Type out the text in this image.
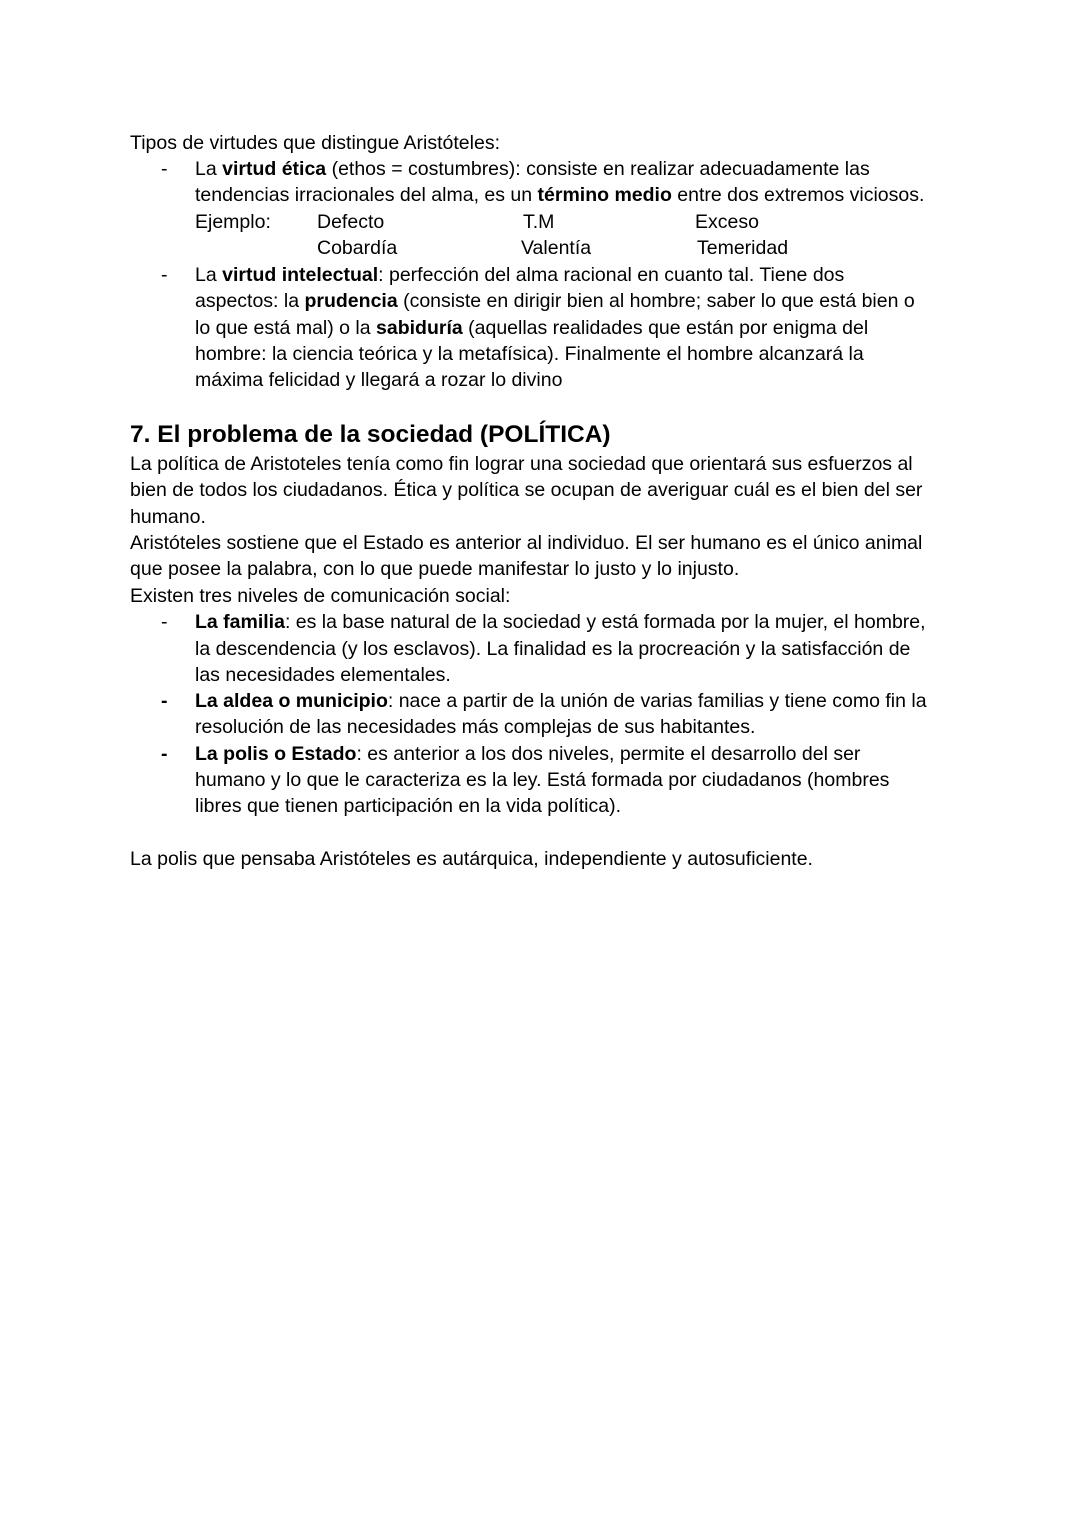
Tipos de virtudes que distingue Aristóteles:
- La virtud ética (ethos = costumbres): consiste en realizar adecuadamente las
tendencias irracionales del alma, es un término medio entre dos extremos viciosos.
Ejemplo: Defecto	T.M	Exceso
Cobardía	Valentía	Temeridad
- La virtud intelectual: perfección del alma racional en cuanto tal. Tiene dos
aspectos: la prudencia (consiste en dirigir bien al hombre; saber lo que está bien o
lo que está mal) o la sabiduría (aquellas realidades que están por enigma del
hombre: la ciencia teórica y la metafísica). Finalmente el hombre alcanzará la
máxima felicidad y llegará a rozar lo divino
7. El problema de la sociedad (POLÍTICA)
La política de Aristoteles tenía como fin lograr una sociedad que orientará sus esfuerzos al
bien de todos los ciudadanos. Ética y política se ocupan de averiguar cuál es el bien del ser
humano.
Aristóteles sostiene que el Estado es anterior al individuo. El ser humano es el único animal
que posee la palabra, con lo que puede manifestar lo justo y lo injusto.
Existen tres niveles de comunicación social:
- La familia: es la base natural de la sociedad y está formada por la mujer, el hombre,
la descendencia (y los esclavos). La finalidad es la procreación y la satisfacción de
las necesidades elementales.
- La aldea o municipio: nace a partir de la unión de varias familias y tiene como fin la
resolución de las necesidades más complejas de sus habitantes.
- La polis o Estado: es anterior a los dos niveles, permite el desarrollo del ser
humano y lo que le caracteriza es la ley. Está formada por ciudadanos (hombres
libres que tienen participación en la vida política).
La polis que pensaba Aristóteles es autárquica, independiente y autosuficiente.
